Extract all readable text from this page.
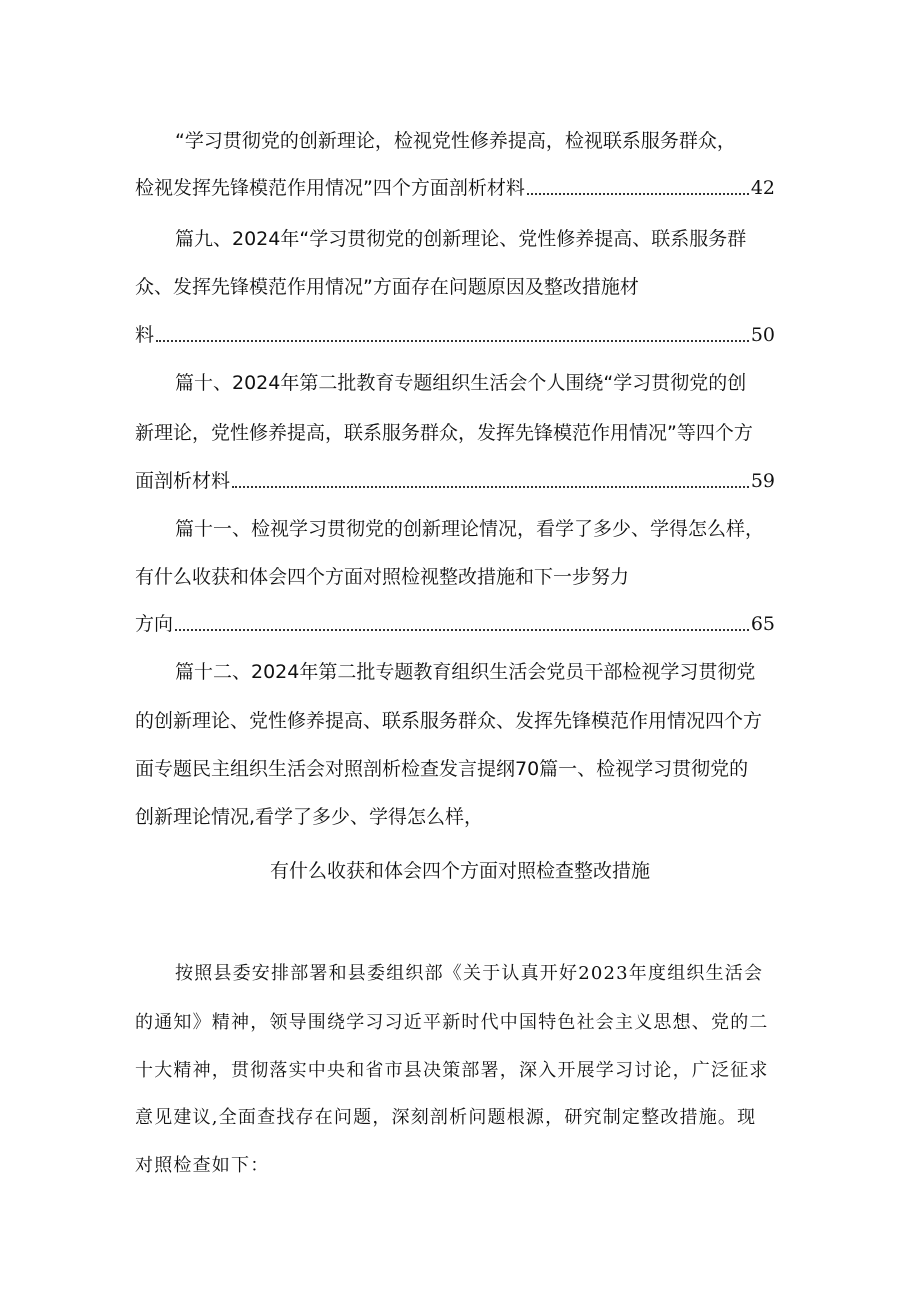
“学习贯彻党的创新理论，检视党性修养提高，检视联系服务群众，
检视发挥先锋模范作用情况”四个方面剖析材料	42
篇九、2024年“学习贯彻党的创新理论、党性修养提高、联系服务群
众、发挥先锋模范作用情况”方面存在问题原因及整改措施材
料	50
篇十、2024年第二批教育专题组织生活会个人围绕“学习贯彻党的创
新理论，党性修养提高，联系服务群众，发挥先锋模范作用情况”等四个方
面剖析材料	59
篇十一、检视学习贯彻党的创新理论情况，看学了多少、学得怎么样，
有什么收获和体会四个方面对照检视整改措施和下一步努力
方向	65
篇十二、2024年第二批专题教育组织生活会党员干部检视学习贯彻党
的创新理论、党性修养提高、联系服务群众、发挥先锋模范作用情况四个方
面专题民主组织生活会对照剖析检查发言提纲70篇一、检视学习贯彻党的
创新理论情况,看学了多少、学得怎么样，
有什么收获和体会四个方面对照检查整改措施
按照县委安排部署和县委组织部《关于认真开好2023年度组织生活会
的通知》精神，领导围绕学习习近平新时代中国特色社会主义思想、党的二
十大精神，贯彻落实中央和省市县决策部署，深入开展学习讨论，广泛征求
意见建议,全面查找存在问题，深刻剖析问题根源，研究制定整改措施。现
对照检查如下：
